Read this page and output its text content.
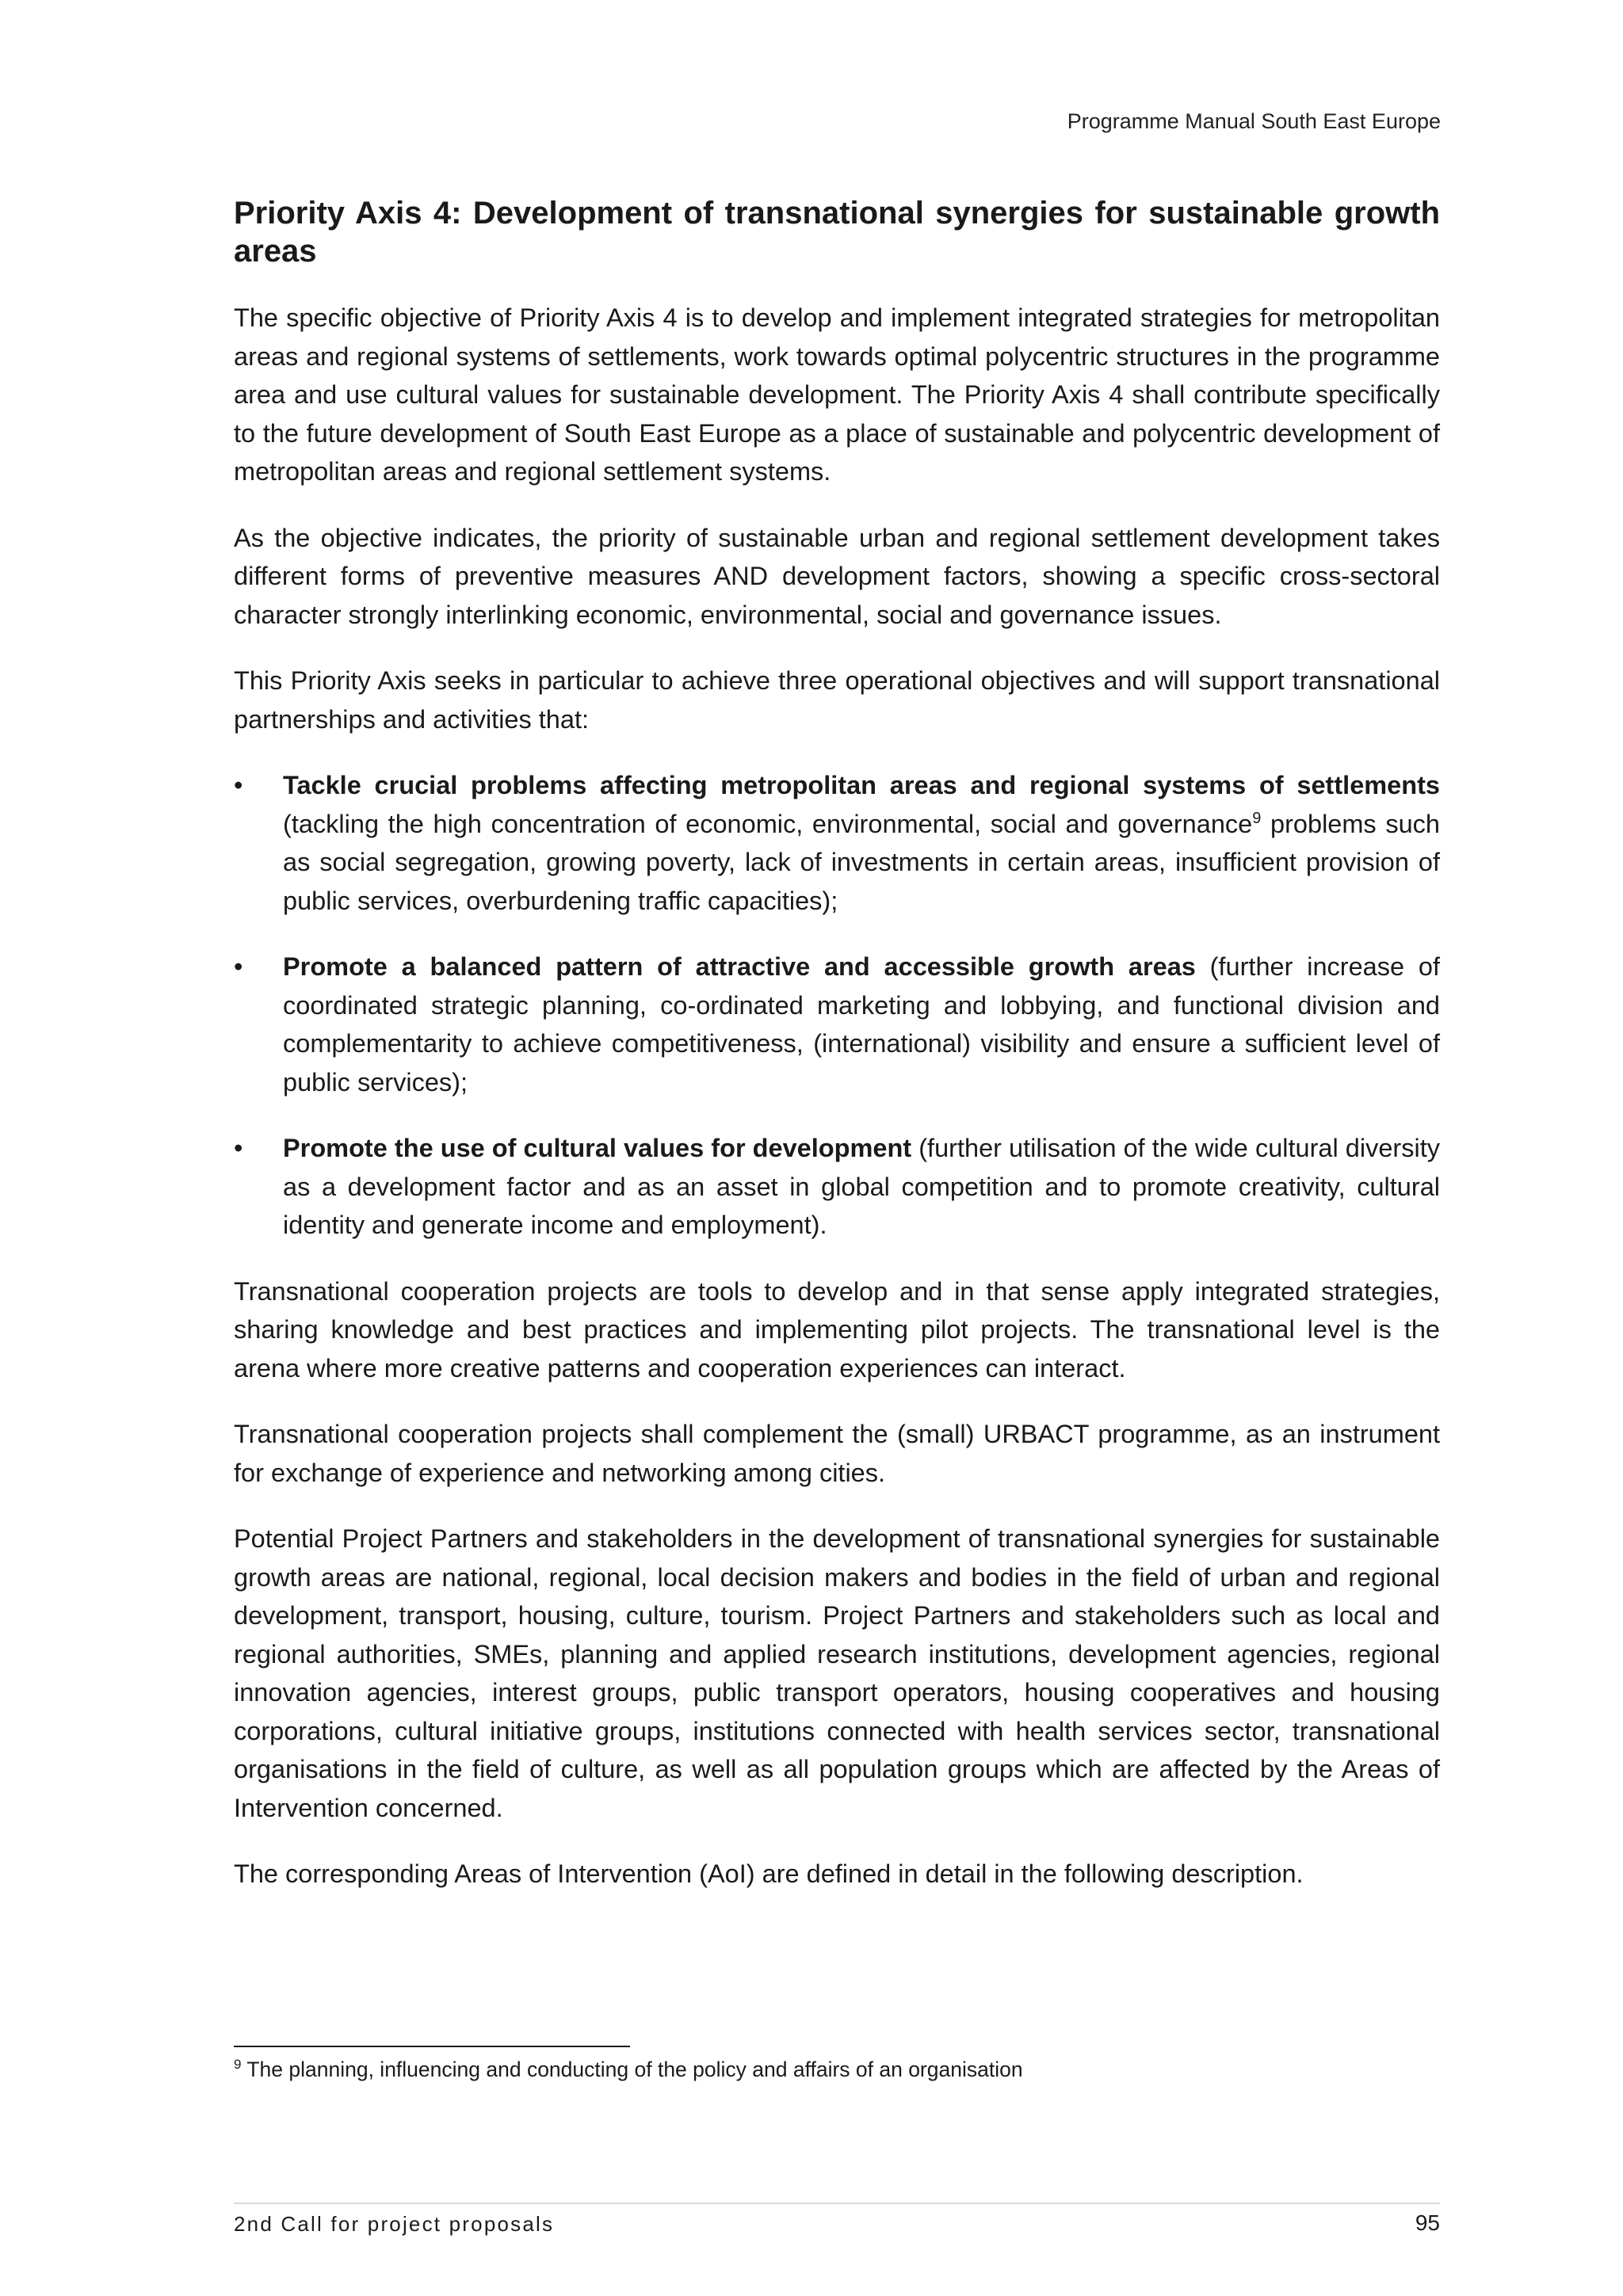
Programme Manual South East Europe
Priority Axis 4: Development of transnational synergies for sustainable growth areas

The specific objective of Priority Axis 4 is to develop and implement integrated strategies for metropolitan areas and regional systems of settlements, work towards optimal polycentric structures in the programme area and use cultural values for sustainable development. The Priority Axis 4 shall contribute specifically to the future development of South East Europe as a place of sustainable and polycentric development of metropolitan areas and regional settlement systems.

As the objective indicates, the priority of sustainable urban and regional settlement development takes different forms of preventive measures AND development factors, showing a specific cross-sectoral character strongly interlinking economic, environmental, social and governance issues.

This Priority Axis seeks in particular to achieve three operational objectives and will support transnational partnerships and activities that:

• Tackle crucial problems affecting metropolitan areas and regional systems of settlements (tackling the high concentration of economic, environmental, social and governance$^9$ problems such as social segregation, growing poverty, lack of investments in certain areas, insufficient provision of public services, overburdening traffic capacities);
• Promote a balanced pattern of attractive and accessible growth areas (further increase of coordinated strategic planning, co-ordinated marketing and lobbying, and functional division and complementarity to achieve competitiveness, (international) visibility and ensure a sufficient level of public services);
• Promote the use of cultural values for development (further utilisation of the wide cultural diversity as a development factor and as an asset in global competition and to promote creativity, cultural identity and generate income and employment).

Transnational cooperation projects are tools to develop and in that sense apply integrated strategies, sharing knowledge and best practices and implementing pilot projects. The transnational level is the arena where more creative patterns and cooperation experiences can interact.

Transnational cooperation projects shall complement the (small) URBACT programme, as an instrument for exchange of experience and networking among cities.

Potential Project Partners and stakeholders in the development of transnational synergies for sustainable growth areas are national, regional, local decision makers and bodies in the field of urban and regional development, transport, housing, culture, tourism. Project Partners and stakeholders such as local and regional authorities, SMEs, planning and applied research institutions, development agencies, regional innovation agencies, interest groups, public transport operators, housing cooperatives and housing corporations, cultural initiative groups, institutions connected with health services sector, transnational organisations in the field of culture, as well as all population groups which are affected by the Areas of Intervention concerned.

The corresponding Areas of Intervention (AoI) are defined in detail in the following description.

$^9$ The planning, influencing and conducting of the policy and affairs of an organisation
2nd Call for project proposals	95
